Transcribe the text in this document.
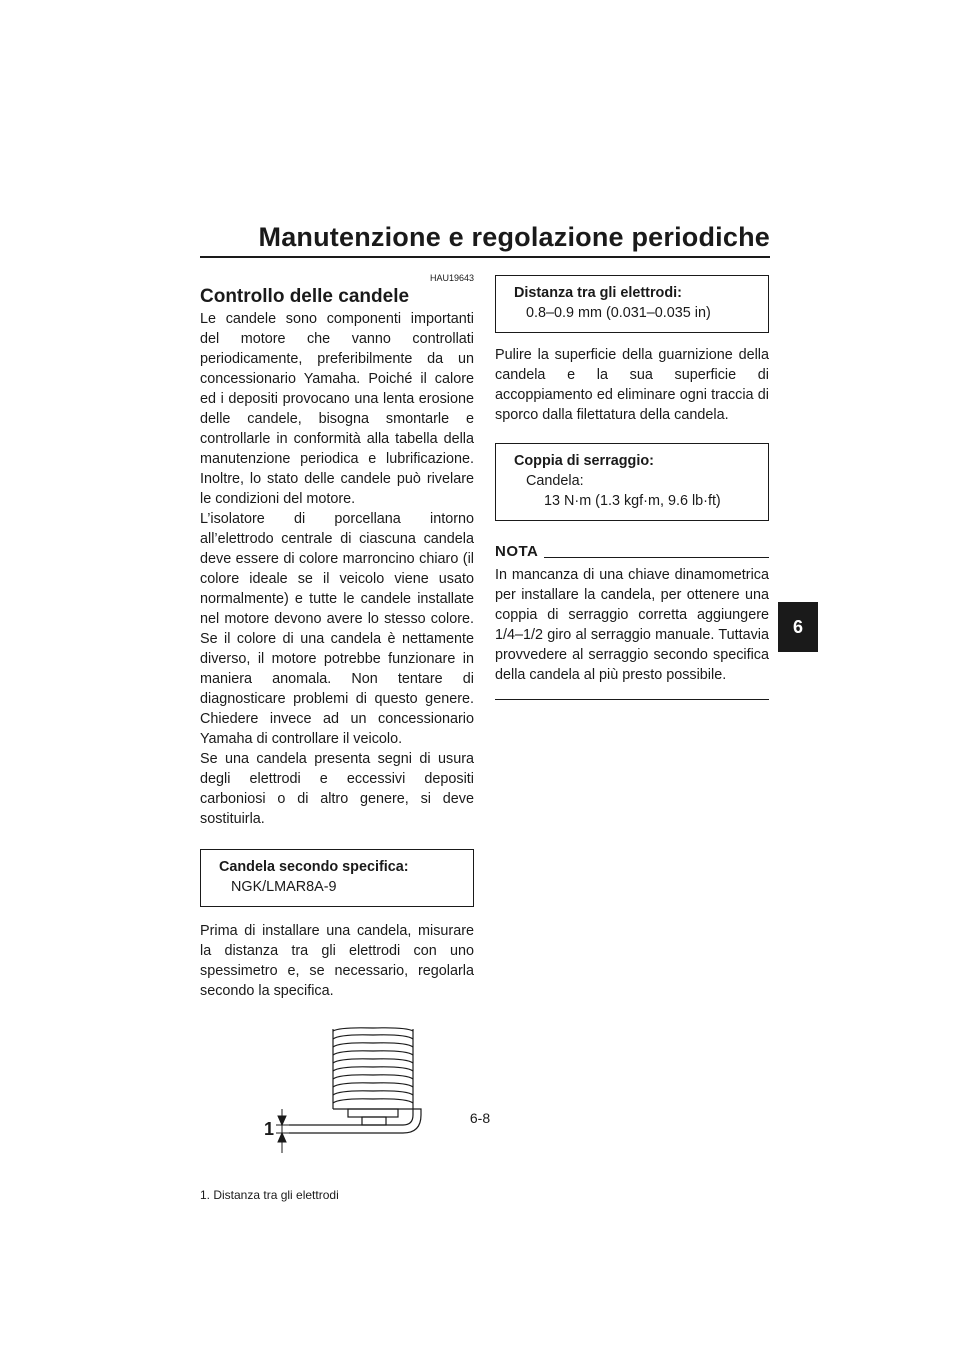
Manutenzione e regolazione periodiche
6
HAU19643
Controllo delle candele

Le candele sono componenti importanti del motore che vanno controllati periodicamente, preferibilmente da un concessionario Yamaha. Poiché il calore ed i depositi provocano una lenta erosione delle candele, bisogna smontarle e controllarle in conformità alla tabella della manutenzione periodica e lubrificazione. Inoltre, lo stato delle candele può rivelare le condizioni del motore.

L’isolatore di porcellana intorno all’elettrodo centrale di ciascuna candela deve essere di colore marroncino chiaro (il colore ideale se il veicolo viene usato normalmente) e tutte le candele installate nel motore devono avere lo stesso colore. Se il colore di una candela è nettamente diverso, il motore potrebbe funzionare in maniera anomala. Non tentare di diagnosticare problemi di questo genere. Chiedere invece ad un concessionario Yamaha di controllare il veicolo.

Se una candela presenta segni di usura degli elettrodi e eccessivi depositi carboniosi o di altro genere, si deve sostituirla.

Candela secondo specifica:
NGK/LMAR8A-9

Prima di installare una candela, misurare la distanza tra gli elettrodi con uno spessimetro e, se necessario, regolarla secondo la specifica.

1
1. Distanza tra gli elettrodi
Distanza tra gli elettrodi:
0.8–0.9 mm (0.031–0.035 in)

Pulire la superficie della guarnizione della candela e la sua superficie di accoppiamento ed eliminare ogni traccia di sporco dalla filettatura della candela.

Coppia di serraggio:
Candela:
13 N·m (1.3 kgf·m, 9.6 lb·ft)
NOTA

In mancanza di una chiave dinamometrica per installare la candela, per ottenere una coppia di serraggio corretta aggiungere 1/4–1/2 giro al serraggio manuale. Tuttavia provvedere al serraggio secondo specifica della candela al più presto possibile.

6-8
